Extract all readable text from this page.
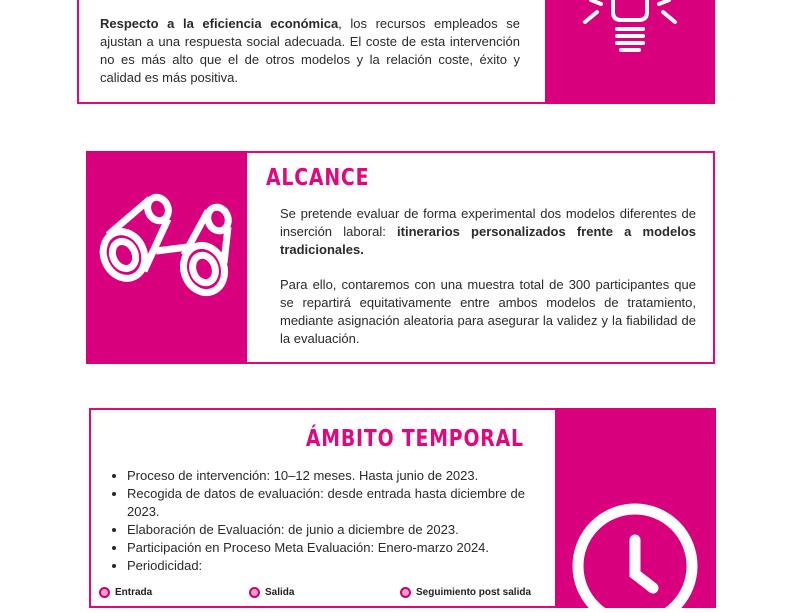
Respecto a la eficiencia económica, los recursos empleados se ajustan a una respuesta social adecuada. El coste de esta intervención no es más alto que el de otros modelos y la relación coste, éxito y calidad es más positiva.

ALCANCE

Se pretende evaluar de forma experimental dos modelos diferentes de inserción laboral: itinerarios personalizados frente a modelos tradicionales.

Para ello, contaremos con una muestra total de 300 participantes que se repartirá equitativamente entre ambos modelos de tratamiento, mediante asignación aleatoria para asegurar la validez y la fiabilidad de la evaluación.

ÁMBITO TEMPORAL
• Proceso de intervención: 10–12 meses. Hasta junio de 2023.
• Recogida de datos de evaluación: desde entrada hasta diciembre de 2023.
• Elaboración de Evaluación: de junio a diciembre de 2023.
• Participación en Proceso Meta Evaluación: Enero-marzo 2024.
• Periodicidad:
Entrada	Salida	Seguimiento post salida
